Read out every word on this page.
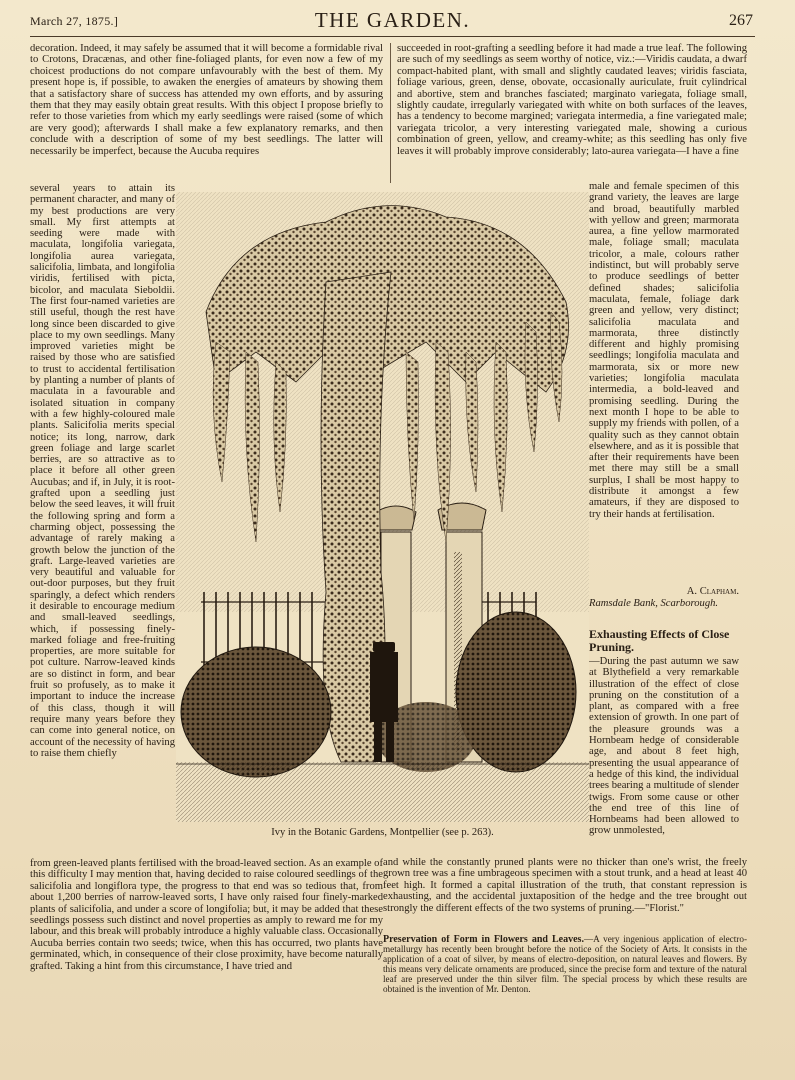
March 27, 1875.]	THE GARDEN.	267
decoration. Indeed, it may safely be assumed that it will become a formidable rival to Crotons, Dracænas, and other fine-foliaged plants, for even now a few of my choicest productions do not compare unfavourably with the best of them. My present hope is, if possible, to awaken the energies of amateurs by showing them that a satisfactory share of success has attended my own efforts, and by assuring them that they may easily obtain great results. With this object I propose briefly to refer to those varieties from which my early seedlings were raised (some of which are very good); afterwards I shall make a few explanatory remarks, and then conclude with a description of some of my best seedlings. The latter will necessarily be imperfect, because the Aucuba requires
succeeded in root-grafting a seedling before it had made a true leaf. The following are such of my seedlings as seem worthy of notice, viz.:—Viridis caudata, a dwarf compact-habited plant, with small and slightly caudated leaves; viridis fasciata, foliage various, green, dense, obovate, occasionally auriculate, fruit cylindrical and abortive, stem and branches fasciated; marginato variegata, foliage small, slightly caudate, irregularly variegated with white on both surfaces of the leaves, has a tendency to become margined; variegata intermedia, a fine variegated male; variegata tricolor, a very interesting variegated male, showing a curious combination of green, yellow, and creamy-white; as this seedling has only five leaves it will probably improve considerably; lato-aurea variegata—I have a fine
several years to attain its permanent character, and many of my best productions are very small. My first attempts at seeding were made with maculata, longifolia variegata, longifolia aurea variegata, salicifolia, limbata, and longifolia viridis, fertilised with picta, bicolor, and maculata Sieboldii. The first four-named varieties are still useful, though the rest have long since been discarded to give place to my own seedlings. Many improved varieties might be raised by those who are satisfied to trust to accidental fertilisation by planting a number of plants of maculata in a favourable and isolated situation in company with a few highly-coloured male plants. Salicifolia merits special notice; its long, narrow, dark green foliage and large scarlet berries, are so attractive as to place it before all other green Aucubas; and if, in July, it is root-grafted upon a seedling just below the seed leaves, it will fruit the following spring and form a charming object, possessing the advantage of rarely making a growth below the junction of the graft. Large-leaved varieties are very beautiful and valuable for out-door purposes, but they fruit sparingly, a defect which renders it desirable to encourage medium and small-leaved seedlings, which, if possessing finely-marked foliage and free-fruiting properties, are more suitable for pot culture. Narrow-leaved kinds are so distinct in form, and bear fruit so profusely, as to make it important to induce the increase of this class, though it will require many years before they can come into general notice, on account of the necessity of having to raise them chiefly
male and female specimen of this grand variety, the leaves are large and broad, beautifully marbled with yellow and green; marmorata aurea, a fine yellow marmorated male, foliage small; maculata tricolor, a male, colours rather indistinct, but will probably serve to produce seedlings of better defined shades; salicifolia maculata, female, foliage dark green and yellow, very distinct; salicifolia maculata and marmorata, three distinctly different and highly promising seedlings; longifolia maculata and marmorata, six or more new varieties; longifolia maculata intermedia, a bold-leaved and promising seedling. During the next month I hope to be able to supply my friends with pollen, of a quality such as they cannot obtain elsewhere, and as it is possible that after their requirements have been met there may still be a small surplus, I shall be most happy to distribute it amongst a few amateurs, if they are disposed to try their hands at fertilisation.
A. Clapham.
Ramsdale Bank, Scarborough.
Exhausting Effects of Close Pruning.
—During the past autumn we saw at Blythefield a very remarkable illustration of the effect of close pruning on the constitution of a plant, as compared with a free extension of growth. In one part of the pleasure grounds was a Hornbeam hedge of considerable age, and about 8 feet high, presenting the usual appearance of a hedge of this kind, the individual trees bearing a multitude of slender twigs. From some cause or other the end tree of this line of Hornbeams had been allowed to grow unmolested,
Ivy in the Botanic Gardens, Montpellier (see p. 263).
from green-leaved plants fertilised with the broad-leaved section. As an example of this difficulty I may mention that, having decided to raise coloured seedlings of the salicifolia and longiflora type, the progress to that end was so tedious that, from about 1,200 berries of narrow-leaved sorts, I have only raised four finely-marked plants of salicifolia, and under a score of longifolia; but, it may be added that these seedlings possess such distinct and novel properties as amply to reward me for my labour, and this break will probably introduce a highly valuable class. Occasionally Aucuba berries contain two seeds; twice, when this has occurred, two plants have germinated, which, in consequence of their close proximity, have become naturally grafted. Taking a hint from this circumstance, I have tried and
and while the constantly pruned plants were no thicker than one's wrist, the freely grown tree was a fine umbrageous specimen with a stout trunk, and a head at least 40 feet high. It formed a capital illustration of the truth, that constant repression is exhausting, and the accidental juxtaposition of the hedge and the tree brought out strongly the different effects of the two systems of pruning.—"Florist."
Preservation of Form in Flowers and Leaves.—A very ingenious application of electro-metallurgy has recently been brought before the notice of the Society of Arts. It consists in the application of a coat of silver, by means of electro-deposition, on natural leaves and flowers. By this means very delicate ornaments are produced, since the precise form and texture of the natural leaf are preserved under the thin silver film. The special process by which these results are obtained is the invention of Mr. Denton.
